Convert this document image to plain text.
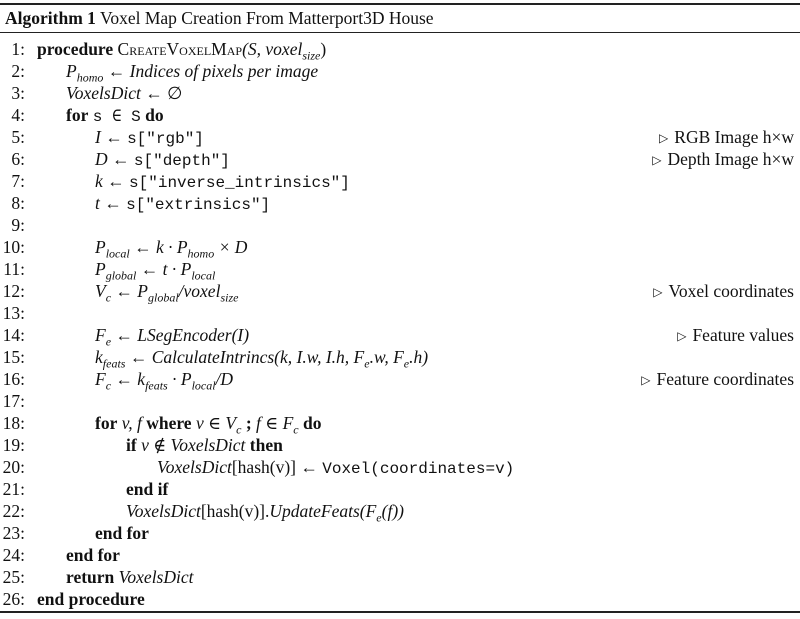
Algorithm 1 Voxel Map Creation From Matterport3D House
1: procedure CreateVoxelMap(S, voxel$_{size}$)
2: $P_{homo}$ ← Indices of pixels per image
3: VoxelsDict ← ∅
4: for s ∈ S do
5:	I ← s["rgb"]	▷ RGB Image h×w
6:	D ← s["depth"]	▷ Depth Image h×w
7:	k ← s["inverse_intrinsics"]
8:	t ← s["extrinsics"]
9:
10:	$P_{local}$ ← $k \cdot P_{homo} \times D$
11:	$P_{global}$ ← $t \cdot P_{local}$
12:	$V_c$ ← $P_{global}/voxel_{size}$	▷ Voxel coordinates
13:
14:	$F_e$ ← LSegEncoder(I)	▷ Feature values
15:	$k_{feats}$ ← CalculateIntrincs(k, I.w, I.h, $F_e.w$, $F_e.h$)
16:	$F_c$ ← $k_{feats} \cdot P_{local}/D$	▷ Feature coordinates
17:
18:	for v, f where v ∈ $V_c$ ; f ∈ $F_c$ do
19:	if v ∉ VoxelsDict then
20:	VoxelsDict[hash(v)] ← Voxel(coordinates=v)
21:	end if
22:	$VoxelsDict[hash(v)].UpdateFeats(F_e(f))$
23:	end for
24: end for
25: return VoxelsDict
26: end procedure
